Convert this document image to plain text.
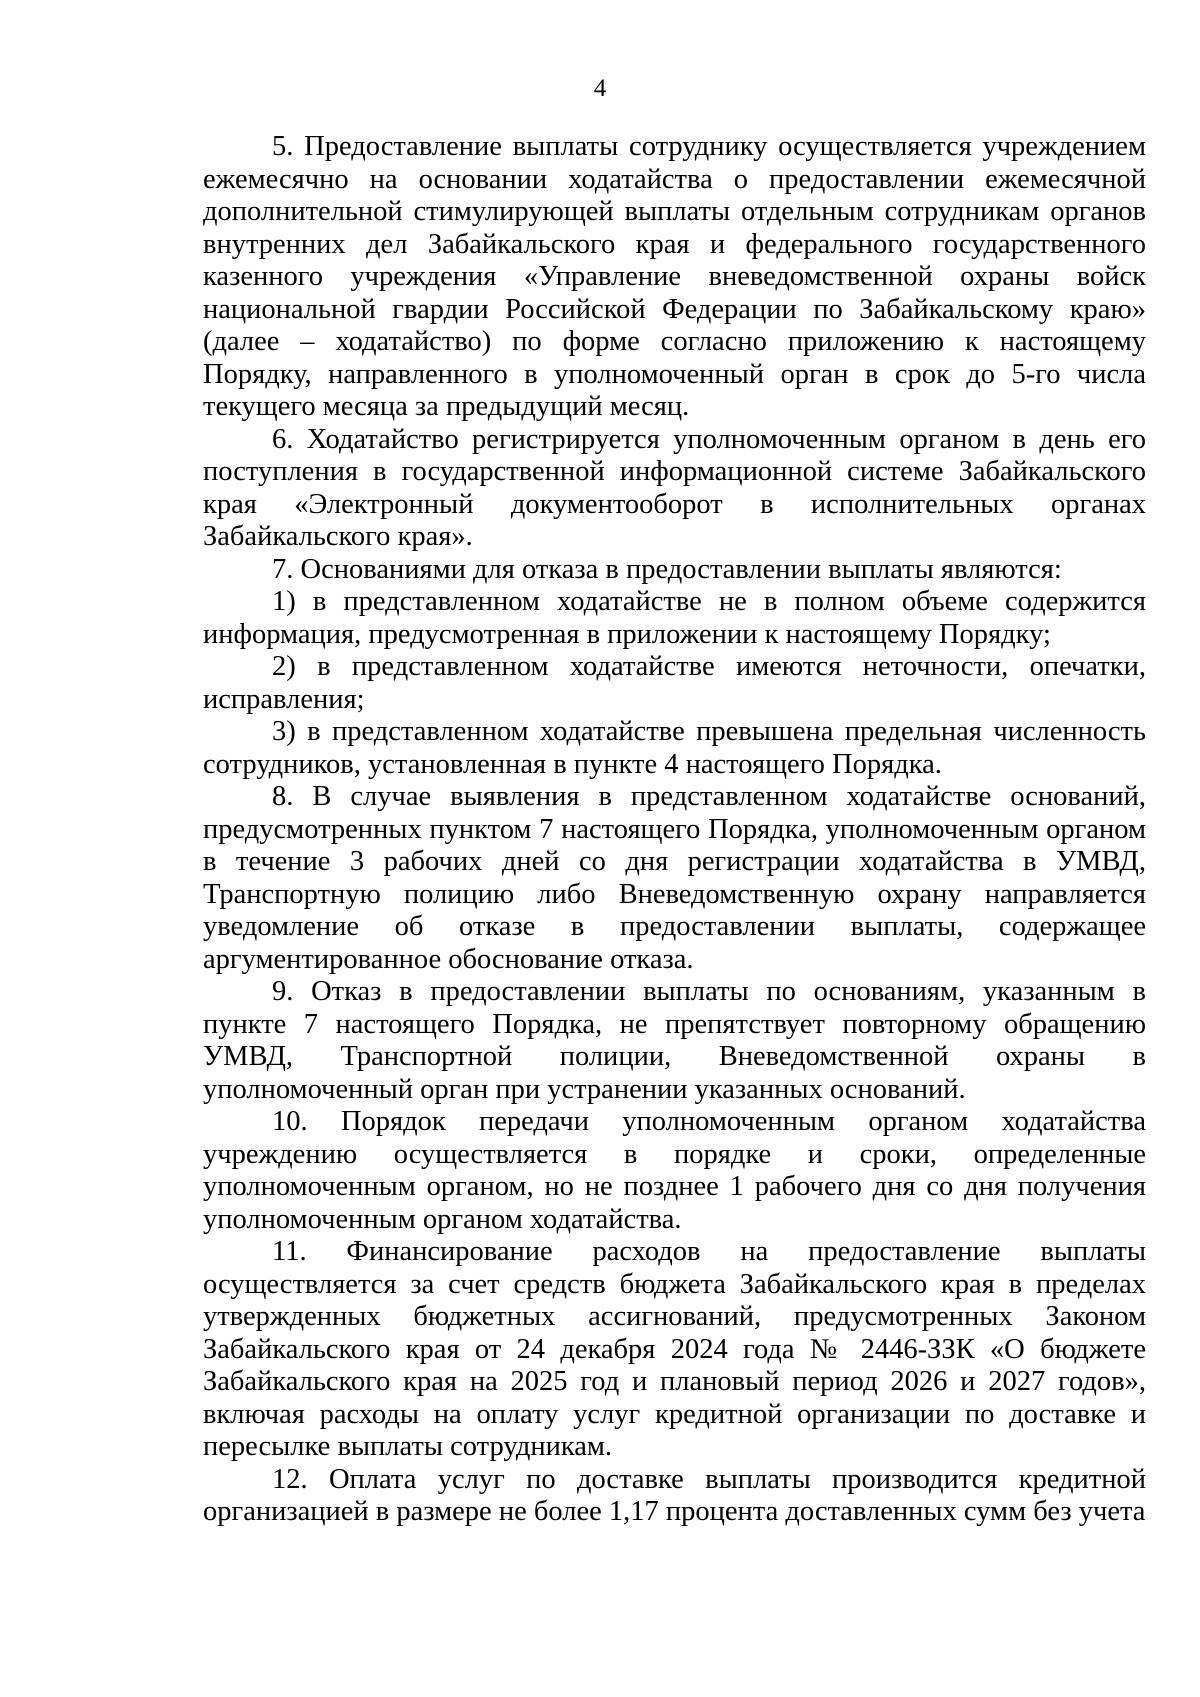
4

5. Предоставление выплаты сотруднику осуществляется учреждением ежемесячно на основании ходатайства о предоставлении ежемесячной дополнительной стимулирующей выплаты отдельным сотрудникам органов внутренних дел Забайкальского края и федерального государственного казенного учреждения «Управление вневедомственной охраны войск национальной гвардии Российской Федерации по Забайкальскому краю» (далее – ходатайство) по форме согласно приложению к настоящему Порядку, направленного в уполномоченный орган в срок до 5-го числа текущего месяца за предыдущий месяц.

6. Ходатайство регистрируется уполномоченным органом в день его поступления в государственной информационной системе Забайкальского края «Электронный документооборот в исполнительных органах Забайкальского края».

7. Основаниями для отказа в предоставлении выплаты являются:

1) в представленном ходатайстве не в полном объеме содержится информация, предусмотренная в приложении к настоящему Порядку;

2) в представленном ходатайстве имеются неточности, опечатки, исправления;

3) в представленном ходатайстве превышена предельная численность сотрудников, установленная в пункте 4 настоящего Порядка.

8. В случае выявления в представленном ходатайстве оснований, предусмотренных пунктом 7 настоящего Порядка, уполномоченным органом в течение 3 рабочих дней со дня регистрации ходатайства в УМВД, Транспортную полицию либо Вневедомственную охрану направляется уведомление об отказе в предоставлении выплаты, содержащее аргументированное обоснование отказа.

9. Отказ в предоставлении выплаты по основаниям, указанным в пункте 7 настоящего Порядка, не препятствует повторному обращению УМВД, Транспортной полиции, Вневедомственной охраны в уполномоченный орган при устранении указанных оснований.

10. Порядок передачи уполномоченным органом ходатайства учреждению осуществляется в порядке и сроки, определенные уполномоченным органом, но не позднее 1 рабочего дня со дня получения уполномоченным органом ходатайства.

11. Финансирование расходов на предоставление выплаты осуществляется за счет средств бюджета Забайкальского края в пределах утвержденных бюджетных ассигнований, предусмотренных Законом Забайкальского края от 24 декабря 2024 года № 2446-ЗЗК «О бюджете Забайкальского края на 2025 год и плановый период 2026 и 2027 годов», включая расходы на оплату услуг кредитной организации по доставке и пересылке выплаты сотрудникам.

12. Оплата услуг по доставке выплаты производится кредитной организацией в размере не более 1,17 процента доставленных сумм без учета
